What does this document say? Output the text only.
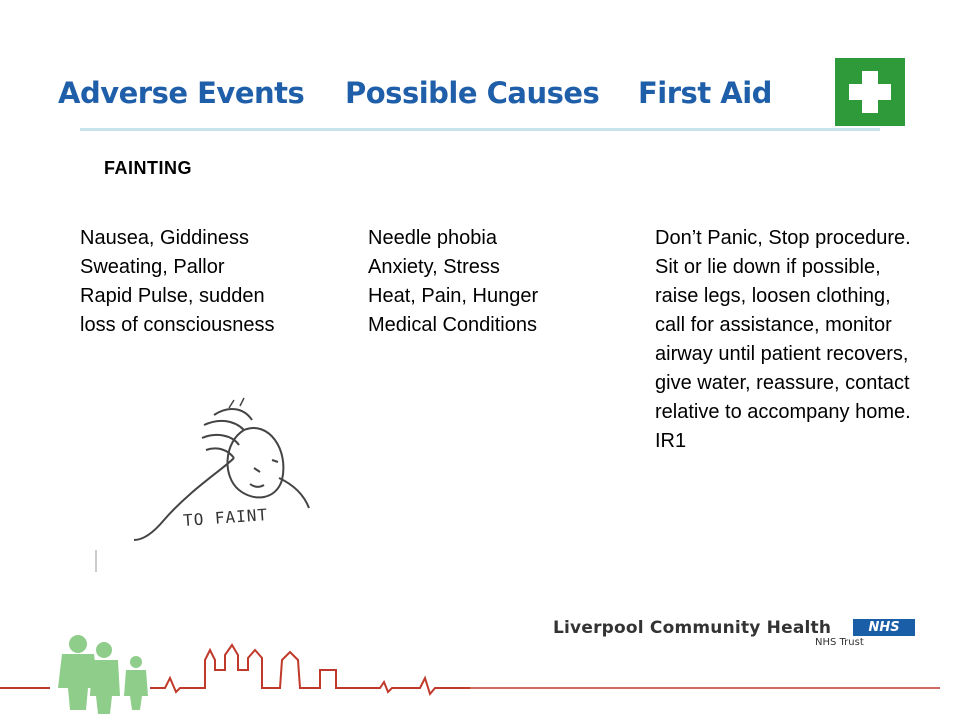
Adverse Events Possible Causes First Aid
FAINTING
Nausea, Giddiness
Sweating, Pallor
Rapid Pulse, sudden
loss of consciousness
Needle phobia
Anxiety, Stress
Heat, Pain, Hunger
Medical Conditions
Don’t Panic, Stop procedure. Sit or lie down if possible, raise legs, loosen clothing, call for assistance, monitor airway until patient recovers, give water, reassure, contact relative to accompany home. IR1
TO FAINT
Liverpool Community Health	NHS
NHS Trust
